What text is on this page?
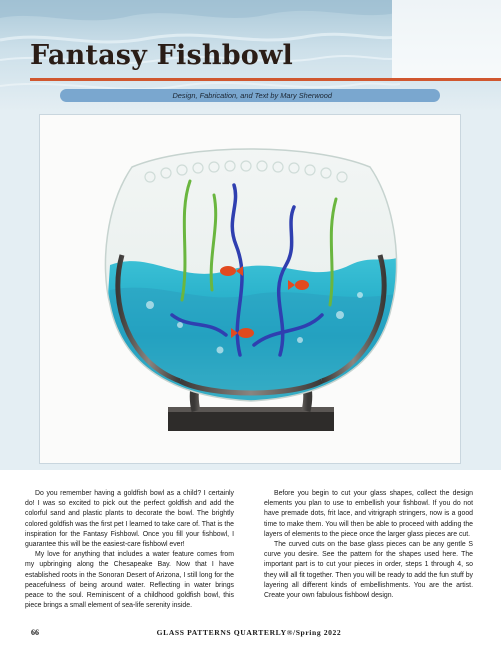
Fantasy Fishbowl
Design, Fabrication, and Text by Mary Sherwood

Do you remember having a goldfish bowl as a child? I certainly do! I was so excited to pick out the perfect goldfish and add the colorful sand and plastic plants to decorate the bowl. The brightly colored goldfish was the first pet I learned to take care of. That is the inspiration for the Fantasy Fishbowl. Once you fill your fishbowl, I guarantee this will be the easiest-care fishbowl ever!

My love for anything that includes a water feature comes from my upbringing along the Chesapeake Bay. Now that I have established roots in the Sonoran Desert of Arizona, I still long for the peacefulness of being around water. Reflecting in water brings peace to the soul. Reminiscent of a childhood goldfish bowl, this piece brings a small element of sea-life serenity inside.

Before you begin to cut your glass shapes, collect the design elements you plan to use to embellish your fishbowl. If you do not have premade dots, frit lace, and vitrigraph stringers, now is a good time to make them. You will then be able to proceed with adding the layers of elements to the piece once the larger glass pieces are cut.

The curved cuts on the base glass pieces can be any gentle S curve you desire. See the pattern for the shapes used here. The important part is to cut your pieces in order, steps 1 through 4, so they will all fit together. Then you will be ready to add the fun stuff by layering all different kinds of embellishments. You are the artist. Create your own fabulous fishbowl design.

66	GLASS PATTERNS QUARTERLY®/Spring 2022
